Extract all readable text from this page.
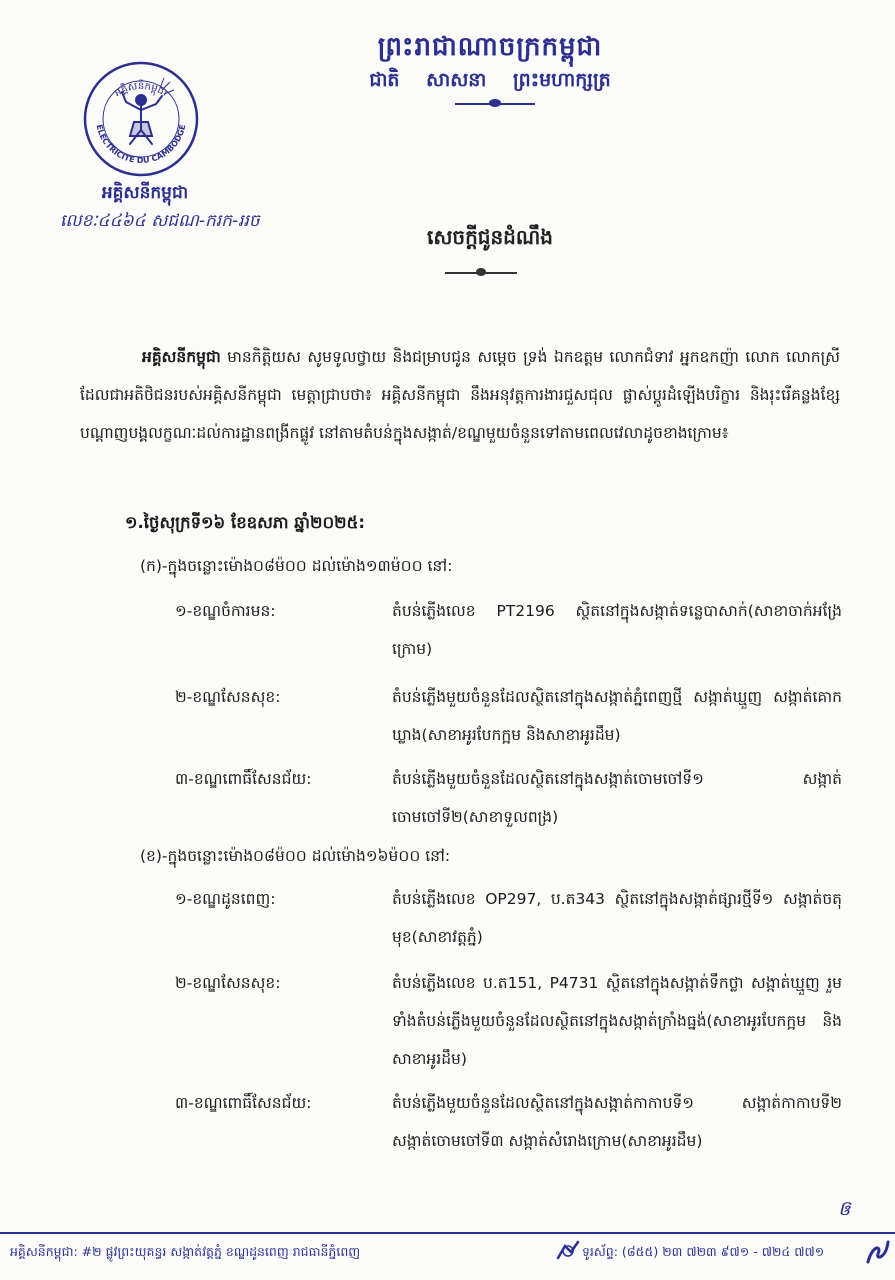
អគ្គិសនីកម្ពុជា
ELECTRICITE DU CAMBODGE
ព្រះរាជាណាចក្រកម្ពុជា
ជាតិ សាសនា ព្រះមហាក្សត្រ
អគ្គិសនីកម្ពុជា
លេខៈ៤៤៦៤ សជណ-ករក-ររច
សេចក្តីជូនដំណឹង
អគ្គិសនីកម្ពុជា មានកិត្តិយស សូមទូលថ្វាយ និងជម្រាបជូន សម្តេច ទ្រង់ ឯកឧត្តម លោកជំទាវ អ្នកឧកញ៉ា លោក លោកស្រី ដែលជាអតិថិជនរបស់អគ្គិសនីកម្ពុជា មេត្តាជ្រាបថា៖ អគ្គិសនីកម្ពុជា នឹងអនុវត្តការងារជួសជុល ផ្លាស់ប្តូរដំឡើងបរិក្ខារ និងរុះរើគន្លងខ្សែបណ្តាញបង្គលក្ខណៈដល់ការដ្ឋានពង្រីកផ្លូវ នៅតាមតំបន់ក្នុងសង្កាត់/ខណ្ឌមួយចំនួនទៅតាមពេលវេលាដូចខាងក្រោម៖
១.ថ្ងៃសុក្រទី១៦ ខែឧសភា ឆ្នាំ២០២៥:
(ក)-ក្នុងចន្លោះម៉ោង០៨ម៉០០ ដល់ម៉ោង១៣ម៉០០ នៅ:
១-ខណ្ឌចំការមន:	តំបន់ភ្លើងលេខ PT2196 ស្ថិតនៅក្នុងសង្កាត់ទន្លេបាសាក់(សាខាចាក់អង្រែក្រោម)
២-ខណ្ឌសែនសុខ:	តំបន់ភ្លើងមួយចំនួនដែលស្ថិតនៅក្នុងសង្កាត់ភ្នំពេញថ្មី សង្កាត់ឃ្មួញ សង្កាត់គោកឃ្លាង(សាខាអូរបែកក្អម និងសាខាអូរដឹម)
៣-ខណ្ឌពោធិ៍សែនជ័យ:	តំបន់ភ្លើងមួយចំនួនដែលស្ថិតនៅក្នុងសង្កាត់ចោមចៅទី១ សង្កាត់ចោមចៅទី២(សាខាទួលពង្រ)
(ខ)-ក្នុងចន្លោះម៉ោង០៨ម៉០០ ដល់ម៉ោង១៦ម៉០០ នៅ:
១-ខណ្ឌដូនពេញ:	តំបន់ភ្លើងលេខ OP297, ប.ត343 ស្ថិតនៅក្នុងសង្កាត់ផ្សារថ្មីទី១ សង្កាត់ចតុមុខ(សាខាវត្តភ្នំ)
២-ខណ្ឌសែនសុខ:	តំបន់ភ្លើងលេខ ប.ត151, P4731 ស្ថិតនៅក្នុងសង្កាត់ទឹកថ្លា សង្កាត់ឃ្មួញ រួមទាំងតំបន់ភ្លើងមួយចំនួនដែលស្ថិតនៅក្នុងសង្កាត់ក្រាំងធ្នង់(សាខាអូរបែកក្អម និងសាខាអូរដឹម)
៣-ខណ្ឌពោធិ៍សែនជ័យ:	តំបន់ភ្លើងមួយចំនួនដែលស្ថិតនៅក្នុងសង្កាត់កាកាបទី១ សង្កាត់កាកាបទី២ សង្កាត់ចោមចៅទី៣ សង្កាត់សំរោងក្រោម(សាខាអូរដឹម)
ឲ
អគ្គិសនីកម្ពុជា: #២ ផ្លូវព្រះយុគន្ធរ សង្កាត់វត្តភ្នំ ខណ្ឌដូនពេញ រាជធានីភ្នំពេញ	ទូរស័ព្ទ: (៨៥៥) ២៣ ៧២៣ ៩៧១ - ៧២៤ ៧៧១
